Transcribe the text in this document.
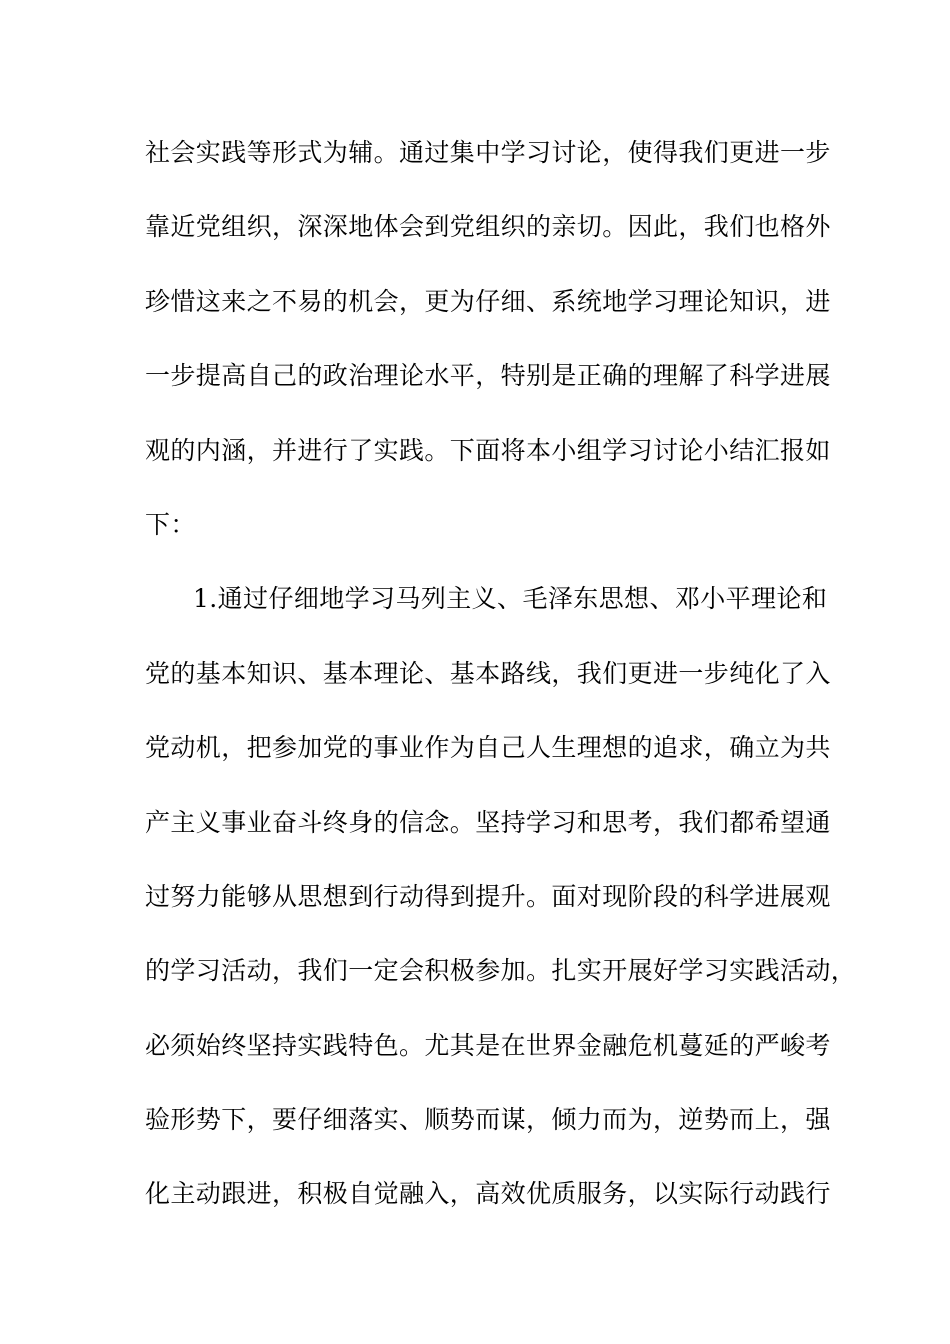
社会实践等形式为辅。通过集中学习讨论，使得我们更进一步
靠近党组织，深深地体会到党组织的亲切。因此，我们也格外
珍惜这来之不易的机会，更为仔细、系统地学习理论知识，进
一步提高自己的政治理论水平，特别是正确的理解了科学进展
观的内涵，并进行了实践。下面将本小组学习讨论小结汇报如
下：
1.通过仔细地学习马列主义、毛泽东思想、邓小平理论和
党的基本知识、基本理论、基本路线，我们更进一步纯化了入
党动机，把参加党的事业作为自己人生理想的追求，确立为共
产主义事业奋斗终身的信念。坚持学习和思考，我们都希望通
过努力能够从思想到行动得到提升。面对现阶段的科学进展观
的学习活动，我们一定会积极参加。扎实开展好学习实践活动，
必须始终坚持实践特色。尤其是在世界金融危机蔓延的严峻考
验形势下，要仔细落实、顺势而谋，倾力而为，逆势而上，强
化主动跟进，积极自觉融入，高效优质服务，以实际行动践行
